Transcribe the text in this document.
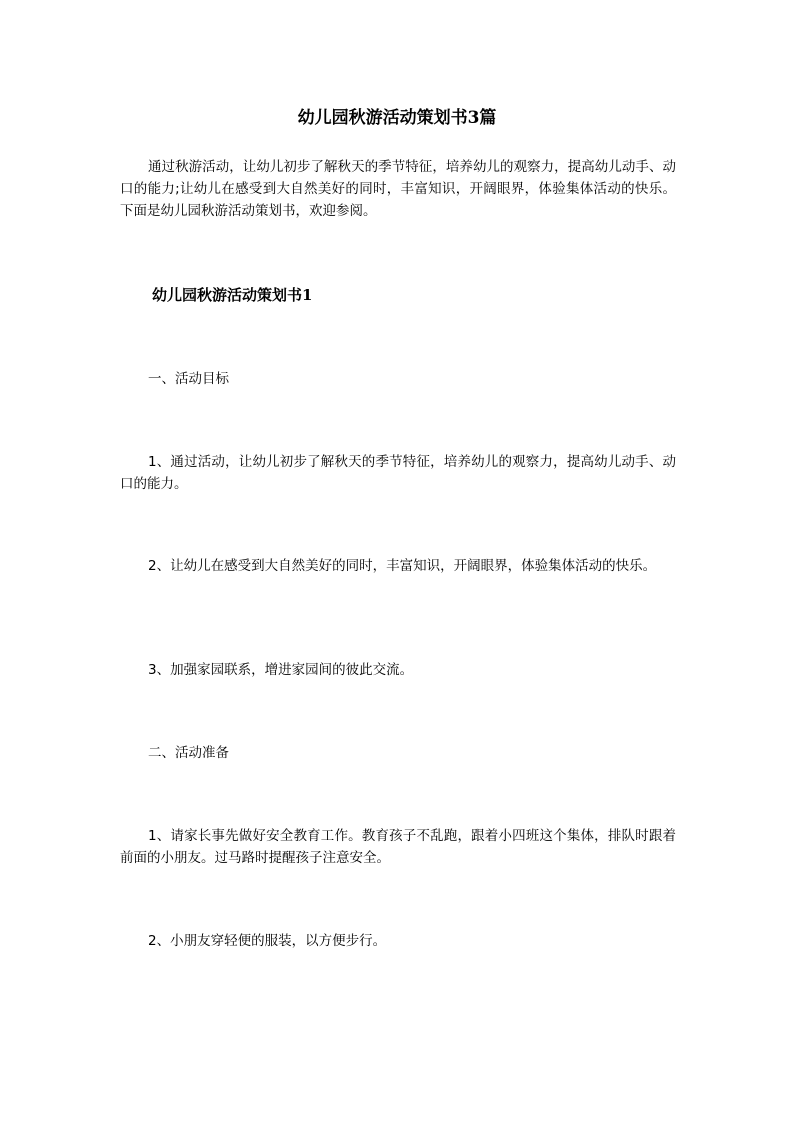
幼儿园秋游活动策划书3篇

通过秋游活动，让幼儿初步了解秋天的季节特征，培养幼儿的观察力，提高幼儿动手、动口的能力;让幼儿在感受到大自然美好的同时，丰富知识，开阔眼界，体验集体活动的快乐。 下面是幼儿园秋游活动策划书，欢迎参阅。

幼儿园秋游活动策划书1

一、活动目标

1、通过活动，让幼儿初步了解秋天的季节特征，培养幼儿的观察力，提高幼儿动手、动口的能力。

2、让幼儿在感受到大自然美好的同时，丰富知识，开阔眼界，体验集体活动的快乐。

3、加强家园联系，增进家园间的彼此交流。

二、活动准备

1、请家长事先做好安全教育工作。教育孩子不乱跑，跟着小四班这个集体，排队时跟着前面的小朋友。过马路时提醒孩子注意安全。

2、小朋友穿轻便的服装，以方便步行。
